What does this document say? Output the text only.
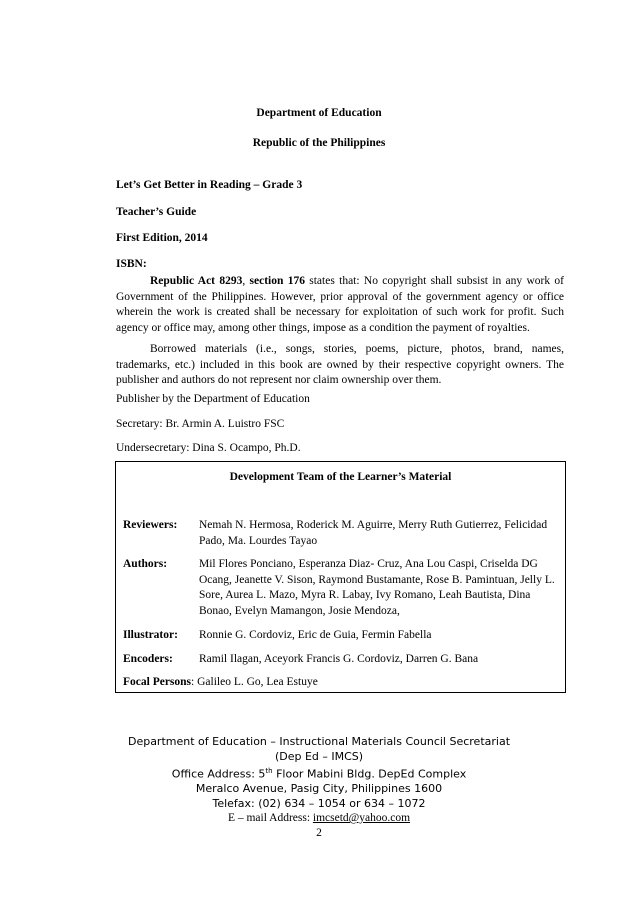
Department of Education
Republic of the Philippines
Let’s Get Better in Reading – Grade 3
Teacher’s Guide
First Edition, 2014
ISBN:
Republic Act 8293, section 176 states that: No copyright shall subsist in any work of Government of the Philippines. However, prior approval of the government agency or office wherein the work is created shall be necessary for exploitation of such work for profit. Such agency or office may, among other things, impose as a condition the payment of royalties.
Borrowed materials (i.e., songs, stories, poems, picture, photos, brand, names, trademarks, etc.) included in this book are owned by their respective copyright owners. The publisher and authors do not represent nor claim ownership over them.
Publisher by the Department of Education
Secretary: Br. Armin A. Luistro FSC
Undersecretary: Dina S. Ocampo, Ph.D.
Development Team of the Learner’s Material
Reviewers: Nemah N. Hermosa, Roderick M. Aguirre, Merry Ruth Gutierrez, Felicidad Pado, Ma. Lourdes Tayao
Authors:	Mil Flores Ponciano, Esperanza Diaz- Cruz, Ana Lou Caspi, Criselda DG Ocang, Jeanette V. Sison, Raymond Bustamante, Rose B. Pamintuan, Jelly L. Sore, Aurea L. Mazo, Myra R. Labay, Ivy Romano, Leah Bautista, Dina Bonao, Evelyn Mamangon, Josie Mendoza,
Illustrator: Ronnie G. Cordoviz, Eric de Guia, Fermin Fabella
Encoders: Ramil Ilagan, Aceyork Francis G. Cordoviz, Darren G. Bana
Focal Persons: Galileo L. Go, Lea Estuye
Department of Education – Instructional Materials Council Secretariat
(Dep Ed – IMCS)
Office Address: 5th Floor Mabini Bldg. DepEd Complex
Meralco Avenue, Pasig City, Philippines 1600
Telefax: (02) 634 – 1054 or 634 – 1072
E – mail Address: imcsetd@yahoo.com
2
